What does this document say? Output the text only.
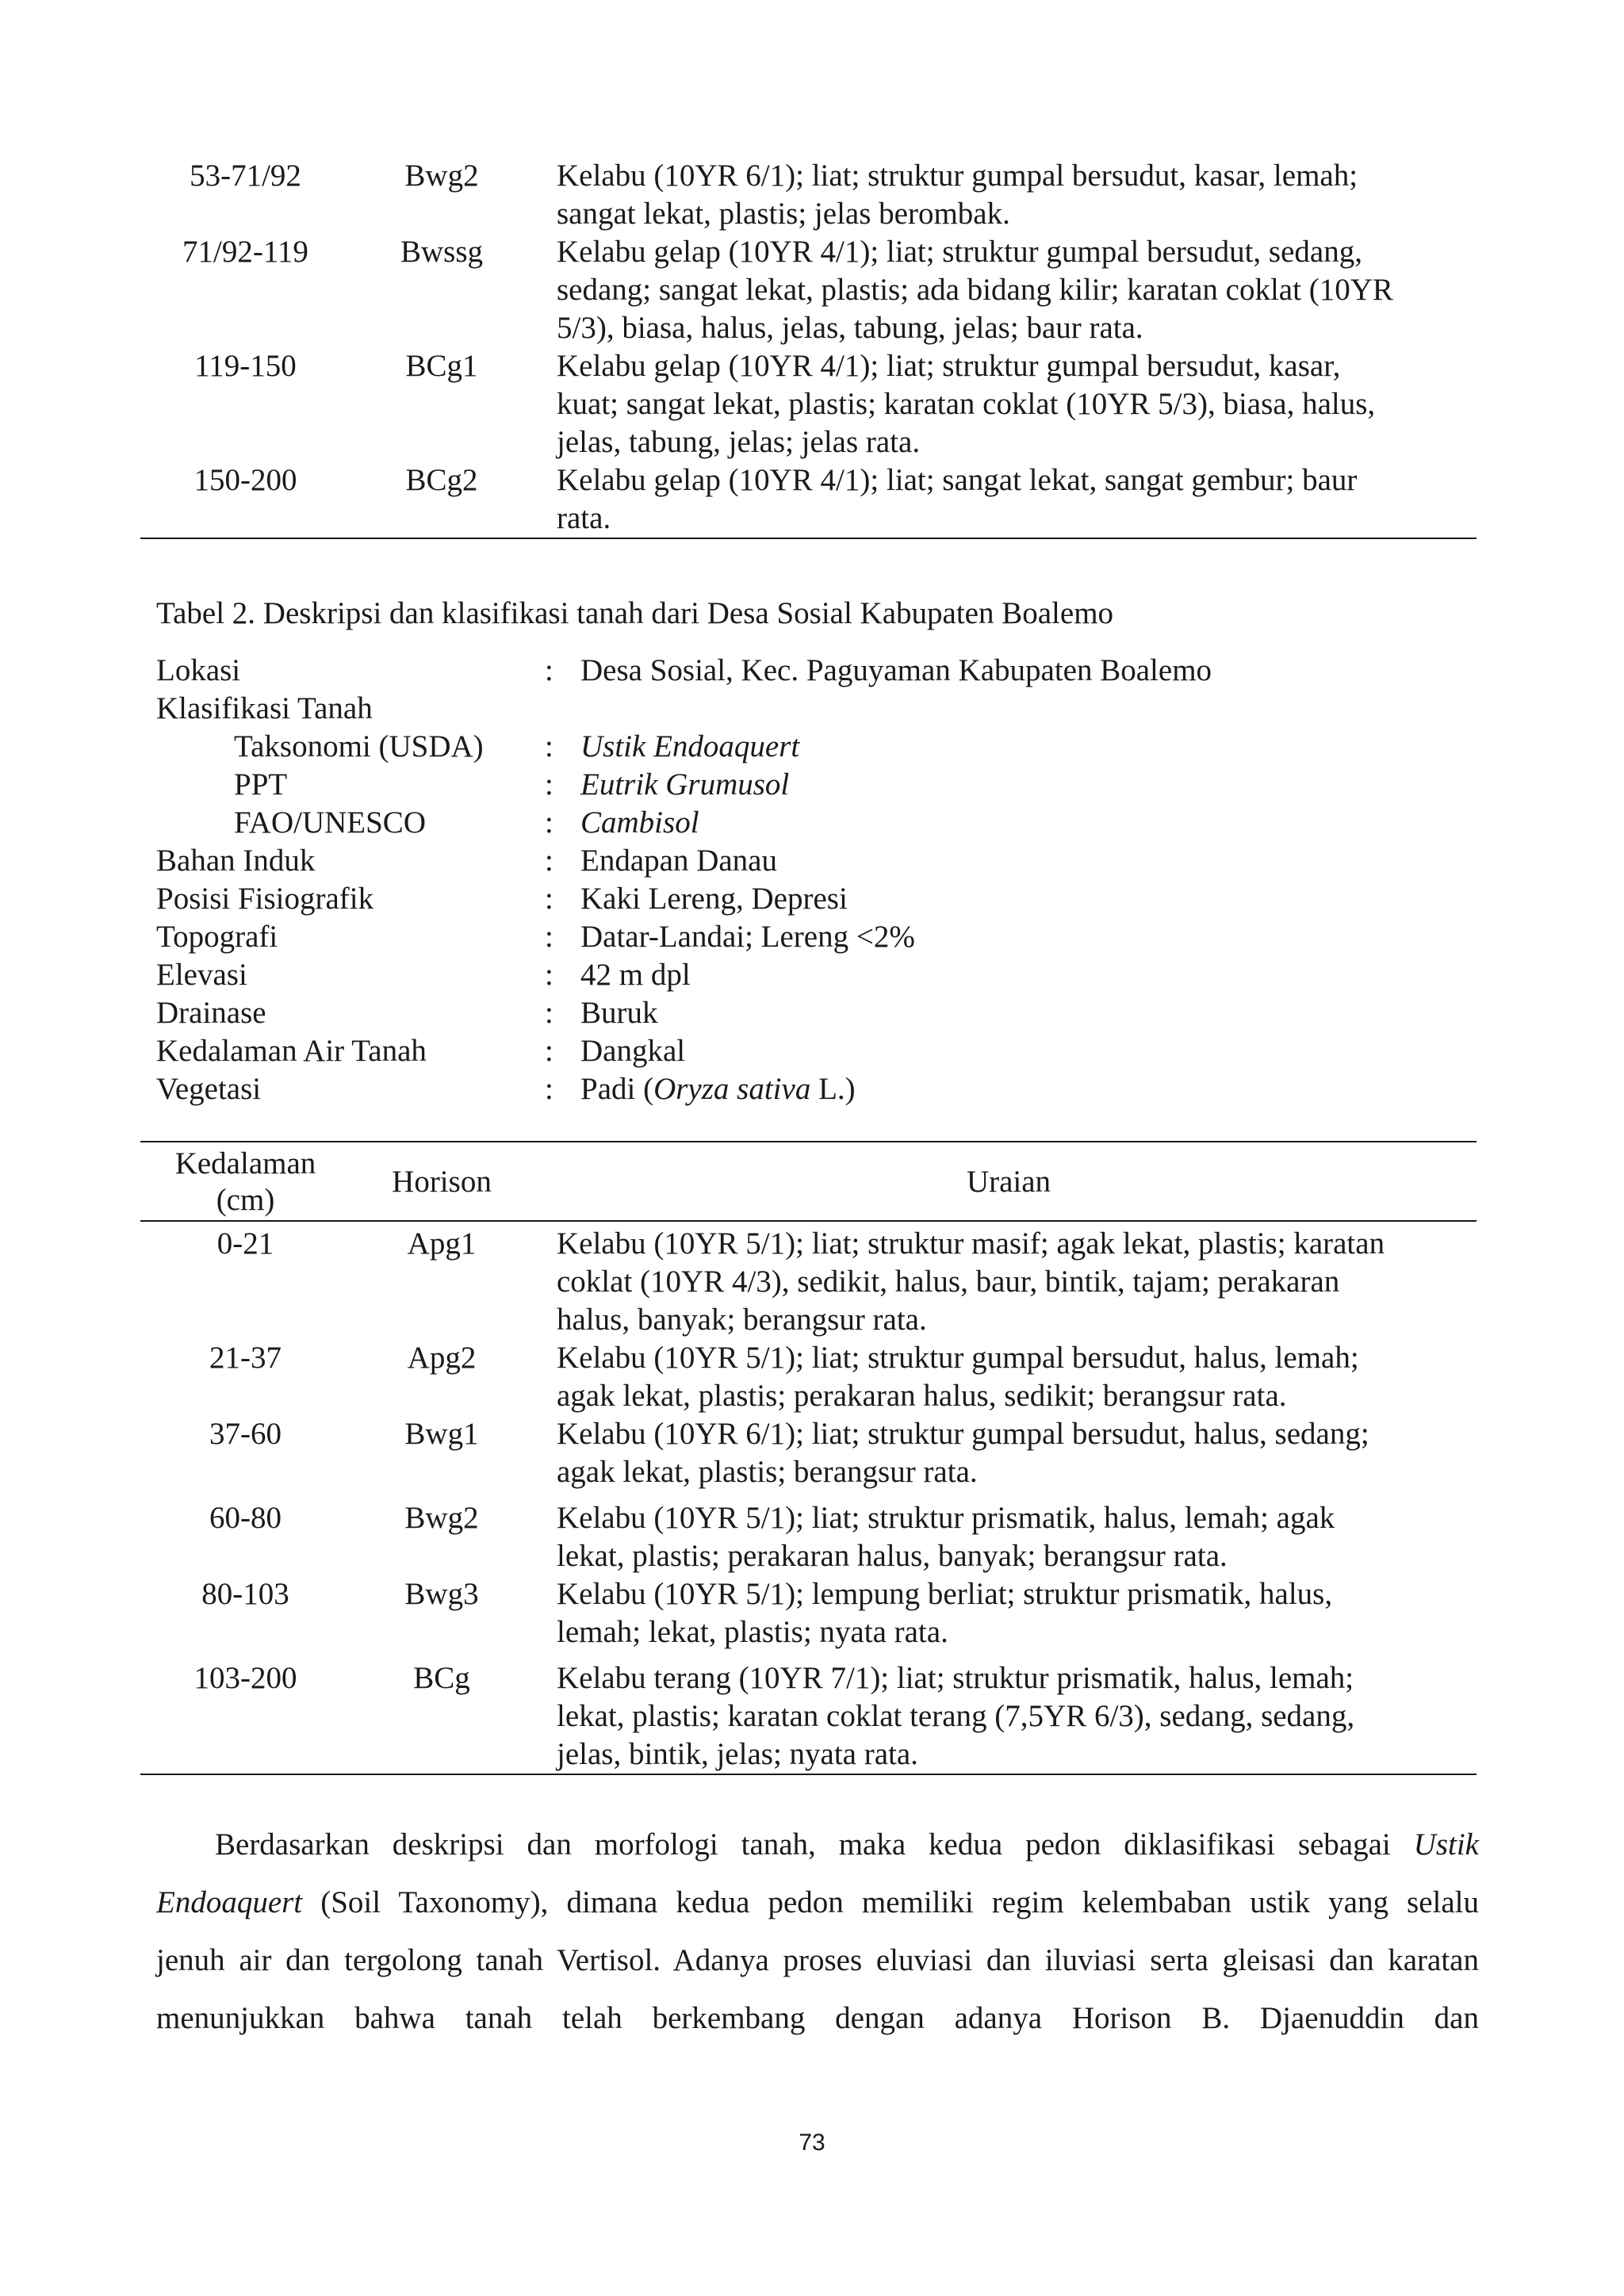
53-71/92	Bwg2	Kelabu (10YR 6/1); liat; struktur gumpal bersudut, kasar, lemah;
sangat lekat, plastis; jelas berombak.

71/92-119	Bwssg	Kelabu gelap (10YR 4/1); liat; struktur gumpal bersudut, sedang,
sedang; sangat lekat, plastis; ada bidang kilir; karatan coklat (10YR
5/3), biasa, halus, jelas, tabung, jelas; baur rata.

119-150	BCg1	Kelabu gelap (10YR 4/1); liat; struktur gumpal bersudut, kasar,
kuat; sangat lekat, plastis; karatan coklat (10YR 5/3), biasa, halus,
jelas, tabung, jelas; jelas rata.

150-200	BCg2	Kelabu gelap (10YR 4/1); liat; sangat lekat, sangat gembur; baur
rata.
Tabel 2. Deskripsi dan klasifikasi tanah dari Desa Sosial Kabupaten Boalemo
Lokasi	: Desa Sosial, Kec. Paguyaman Kabupaten Boalemo
Klasifikasi Tanah
Taksonomi (USDA)	: Ustik Endoaquert
PPT	: Eutrik Grumusol
FAO/UNESCO	: Cambisol
Bahan Induk	: Endapan Danau
Posisi Fisiografik	: Kaki Lereng, Depresi
Topografi	: Datar-Landai; Lereng <2%
Elevasi	: 42 m dpl
Drainase	: Buruk
Kedalaman Air Tanah	: Dangkal
Vegetasi	: Padi (Oryza sativa L.)
Kedalaman
(cm)	Horison	Uraian
0-21	Apg1	Kelabu (10YR 5/1); liat; struktur masif; agak lekat, plastis; karatan
coklat (10YR 4/3), sedikit, halus, baur, bintik, tajam; perakaran
halus, banyak; berangsur rata.

21-37	Apg2	Kelabu (10YR 5/1); liat; struktur gumpal bersudut, halus, lemah;
agak lekat, plastis; perakaran halus, sedikit; berangsur rata.

37-60	Bwg1	Kelabu (10YR 6/1); liat; struktur gumpal bersudut, halus, sedang;
agak lekat, plastis; berangsur rata.

60-80	Bwg2	Kelabu (10YR 5/1); liat; struktur prismatik, halus, lemah; agak
lekat, plastis; perakaran halus, banyak; berangsur rata.

80-103	Bwg3	Kelabu (10YR 5/1); lempung berliat; struktur prismatik, halus,
lemah; lekat, plastis; nyata rata.

103-200	BCg	Kelabu terang (10YR 7/1); liat; struktur prismatik, halus, lemah;
lekat, plastis; karatan coklat terang (7,5YR 6/3), sedang, sedang,
jelas, bintik, jelas; nyata rata.
Berdasarkan deskripsi dan morfologi tanah, maka kedua pedon diklasifikasi sebagai Ustik
Endoaquert (Soil Taxonomy), dimana kedua pedon memiliki regim kelembaban ustik yang selalu
jenuh air dan tergolong tanah Vertisol. Adanya proses eluviasi dan iluviasi serta gleisasi dan karatan
menunjukkan bahwa tanah telah berkembang dengan adanya Horison B. Djaenuddin dan
73
